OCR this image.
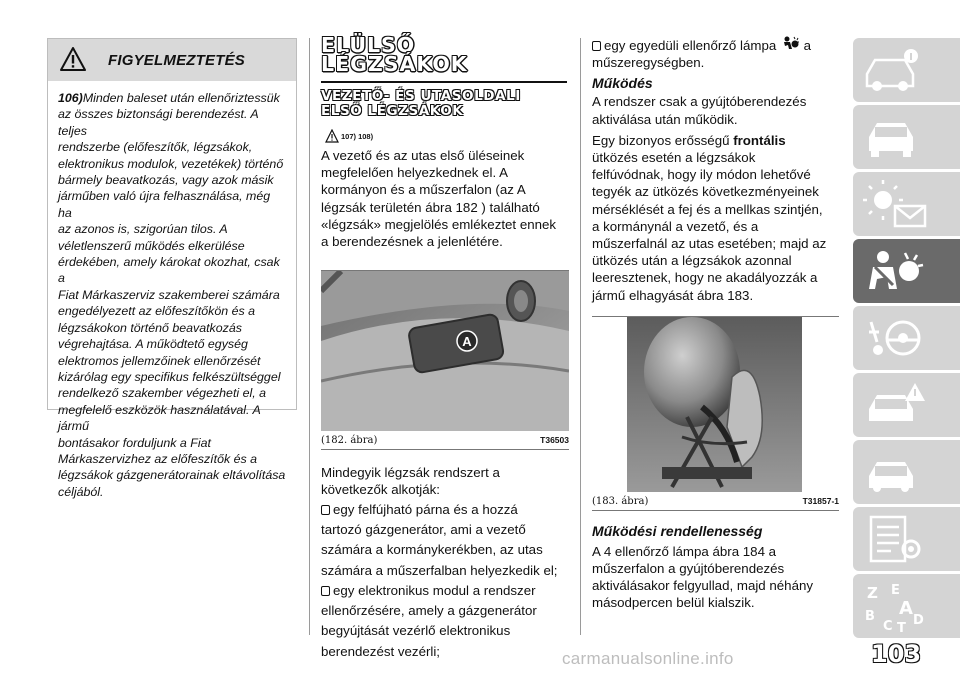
FIGYELMEZTETÉS
106)Minden baleset után ellenőriztessük
az összes biztonsági berendezést. A teljes
rendszerbe (előfeszítők, légzsákok,
elektronikus modulok, vezetékek) történő
bármely beavatkozás, vagy azok másik
járműben való újra felhasználása, még ha
az azonos is, szigorúan tilos. A
véletlenszerű működés elkerülése
érdekében, amely károkat okozhat, csak a
Fiat Márkaszerviz szakemberei számára
engedélyezett az előfeszítőkön és a
légzsákokon történő beavatkozás
végrehajtása. A működtető egység
elektromos jellemzőinek ellenőrzését
kizárólag egy specifikus felkészültséggel
rendelkező szakember végezheti el, a
megfelelő eszközök használatával. A jármű
bontásakor forduljunk a Fiat
Márkaszervizhez az előfeszítők és a
légzsákok gázgenerátorainak eltávolítása
céljából.
ELÜLSŐ
LÉGZSÁKOK
VEZETŐ- ÉS UTASOLDALI
ELSŐ LÉGZSÁKOK
107) 108)
A vezető és az utas első üléseinek
megfelelően helyezkednek el. A
kormányon és a műszerfalon (az A
légzsák területén ábra 182 ) található
«légzsák» megjelölés emlékeztet ennek
a berendezésnek a jelenlétére.
A
(182. ábra)	T36503
Mindegyik légzsák rendszert a
következők alkotják:
egy felfújható párna és a hozzá
tartozó gázgenerátor, ami a vezető
számára a kormánykerékben, az utas
számára a műszerfalban helyezkedik el;
egy elektronikus modul a rendszer
ellenőrzésére, amely a gázgenerátor
begyújtását vezérlő elektronikus
berendezést vezérli;
egy egyedüli ellenőrző lámpa a
műszeregységben.
Működés
A rendszer csak a gyújtóberendezés
aktiválása után működik.
Egy bizonyos erősségű frontális
ütközés esetén a légzsákok
felfúvódnak, hogy ily módon lehetővé
tegyék az ütközés következményeinek
mérséklését a fej és a mellkas szintjén,
a kormánynál a vezető, és a
műszerfalnál az utas esetében; majd az
ütközés után a légzsákok azonnal
leeresztenek, hogy ne akadályozzák a
jármű elhagyását ábra 183.
(183. ábra)	T31857-1
Működési rendellenesség
A 4 ellenőrző lámpa ábra 184 a
műszerfalon a gyújtóberendezés
aktiválásakor felgyullad, majd néhány
másodpercen belül kialszik.
Z E
B
C D
A
T
103
carmanualsonline.info
